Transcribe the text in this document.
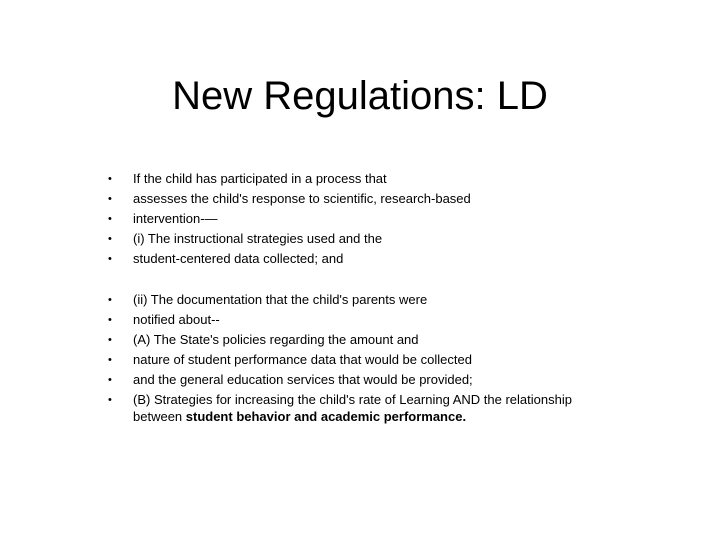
New Regulations: LD
•	If the child has participated in a process that
•	assesses the child's response to scientific, research-based
•	intervention-—
•	(i) The instructional strategies used and the
•	student-centered data collected; and
•	(ii) The documentation that the child's parents were
•	notified about--
•	(A) The State's policies regarding the amount and
•	nature of student performance data that would be collected
•	and the general education services that would be provided;
•	(B) Strategies for increasing the child's rate of Learning AND the relationship
between student behavior and academic performance.
